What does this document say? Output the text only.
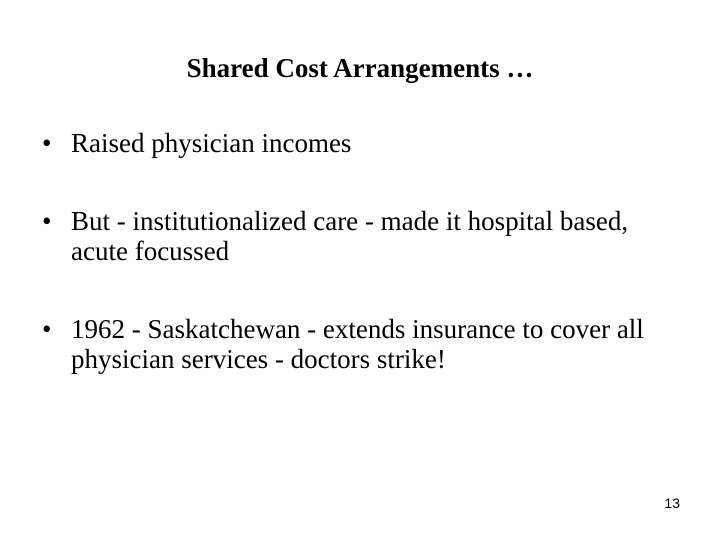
Shared Cost Arrangements …
• Raised physician incomes
• But - institutionalized care - made it hospital based, acute focussed
• 1962 - Saskatchewan - extends insurance to cover all physician services - doctors strike!
13
